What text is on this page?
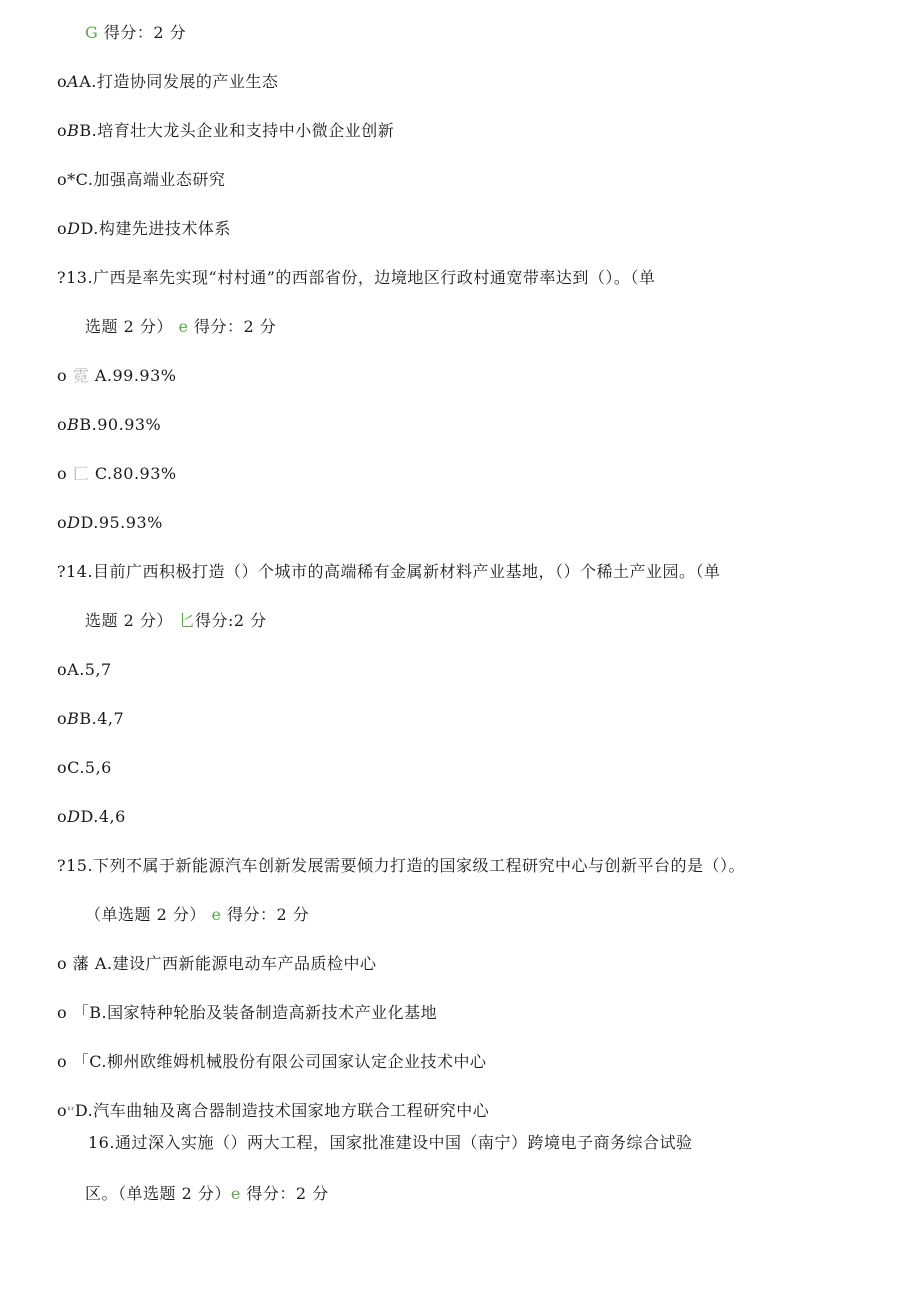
G 得分：2 分
oAA.打造协同发展的产业生态
oBB.培育壮大龙头企业和支持中小微企业创新
o*C.加强高端业态研究
oDD.构建先进技术体系
?13.广西是率先实现“村村通”的西部省份，边境地区行政村通宽带率达到（）。（单
选题 2 分） e 得分：2 分
o 霓 A.99.93%
oBB.90.93%
o 匚 C.80.93%
oDD.95.93%
?14.目前广西积极打造（）个城市的高端稀有金属新材料产业基地，（）个稀土产业园。（单
选题 2 分） 匕得分:2 分
oA.5,7
oBB.4,7
oC.5,6
oDD.4,6
?15.下列不属于新能源汽车创新发展需要倾力打造的国家级工程研究中心与创新平台的是（）。
（单选题 2 分） e 得分：2 分
o 藩 A.建设广西新能源电动车产品质检中心
o 「B.国家特种轮胎及装备制造高新技术产业化基地
o 「C.柳州欧维姆机械股份有限公司国家认定企业技术中心
$o^{^1ʳ}D$.汽车曲轴及离合器制造技术国家地方联合工程研究中心
16.通过深入实施（）两大工程，国家批准建设中国（南宁）跨境电子商务综合试验
区。（单选题 2 分）e 得分：2 分
